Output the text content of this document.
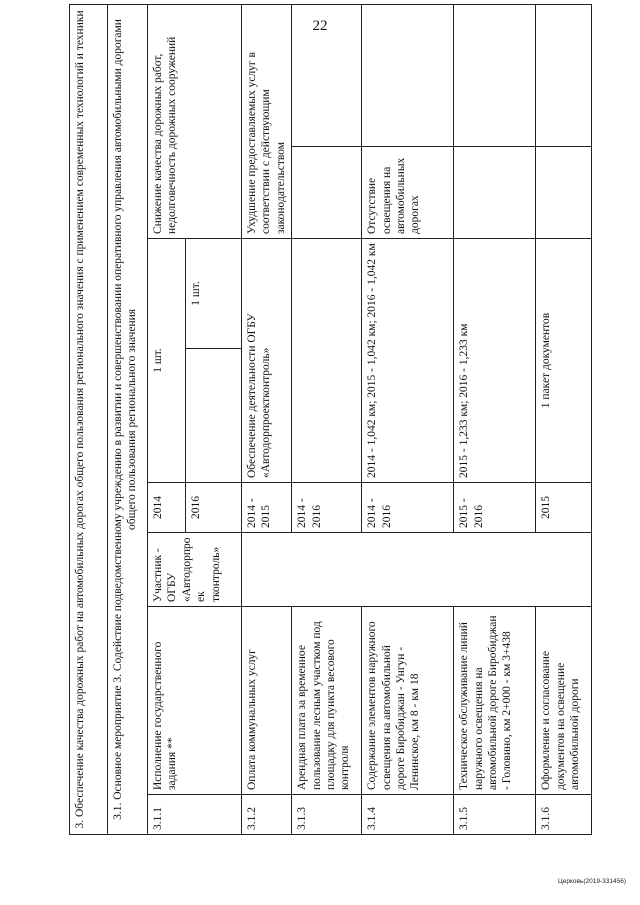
22
3. Обеспечение качества дорожных работ на автомобильных дорогах общего пользования регионального значения с применением современных технологий и техники							
3.1. Основное мероприятие 3. Содействие подведомственному учреждению в развитии и совершенствовании оперативного управления автомобильными дорогами общего пользования регионального значения							
3.1.1	Исполнение государственного задания **	Участник - ОГБУ «Автодорпроек тконтроль»	2014	1 шт.		Снижение качества дорожных работ, недолговечность дорожных сооружений	
			2016		1 шт.		
3.1.2	Оплата коммунальных услуг		2014 - 2015	Обеспечение деятельности ОГБУ «Автодорпроектконтроль»		Ухудшение предоставляемых услуг в соответствии с действующим законодательством	
3.1.3	Арендная плата за временное пользование лесным участком под площадку для пункта весового контроля		2014 - 2016				
3.1.4	Содержание элементов наружного освещения на автомобильной дороге Биробиджан - Унгун - Ленинское, км 8 - км 18		2014 - 2016	2014 - 1,042 км; 2015 - 1,042 км; 2016 - 1,042 км		Отсутствие освещения на автомобильных дорогах	
3.1.5	Техническое обслуживание линий наружного освещения на автомобильной дороге Биробиджан - Головино, км 2+000 - км 3+438		2015 - 2016	2015 - 1,233 км; 2016 - 1,233 км			
3.1.6	Оформление и согласование документов на освещение автомобильной дороги		2015	1 пакет документов			
Церковь(2019-331456)
